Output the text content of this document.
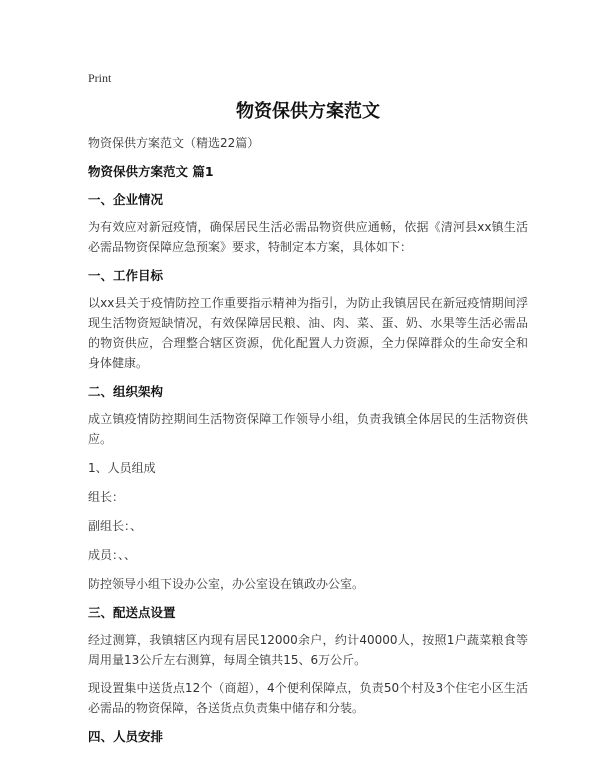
Print
物资保供方案范文
物资保供方案范文（精选22篇）
物资保供方案范文 篇1
一、企业情况
为有效应对新冠疫情，确保居民生活必需品物资供应通畅，依据《清河县xx镇生活必需品物资保障应急预案》要求，特制定本方案，具体如下：
一、工作目标
以xx县关于疫情防控工作重要指示精神为指引，为防止我镇居民在新冠疫情期间浮现生活物资短缺情况，有效保障居民粮、油、肉、菜、蛋、奶、水果等生活必需品的物资供应，合理整合辖区资源，优化配置人力资源，全力保障群众的生命安全和身体健康。
二、组织架构
成立镇疫情防控期间生活物资保障工作领导小组，负责我镇全体居民的生活物资供应。
1、人员组成
组长：
副组长：、
成员：、、
防控领导小组下设办公室，办公室设在镇政办公室。
三、配送点设置
经过测算，我镇辖区内现有居民12000余户，约计40000人，按照1户蔬菜粮食等周用量13公斤左右测算，每周全镇共15、6万公斤。
现设置集中送货点12个（商超），4个便利保障点，负责50个村及3个住宅小区生活必需品的物资保障，各送货点负责集中储存和分装。
四、人员安排
